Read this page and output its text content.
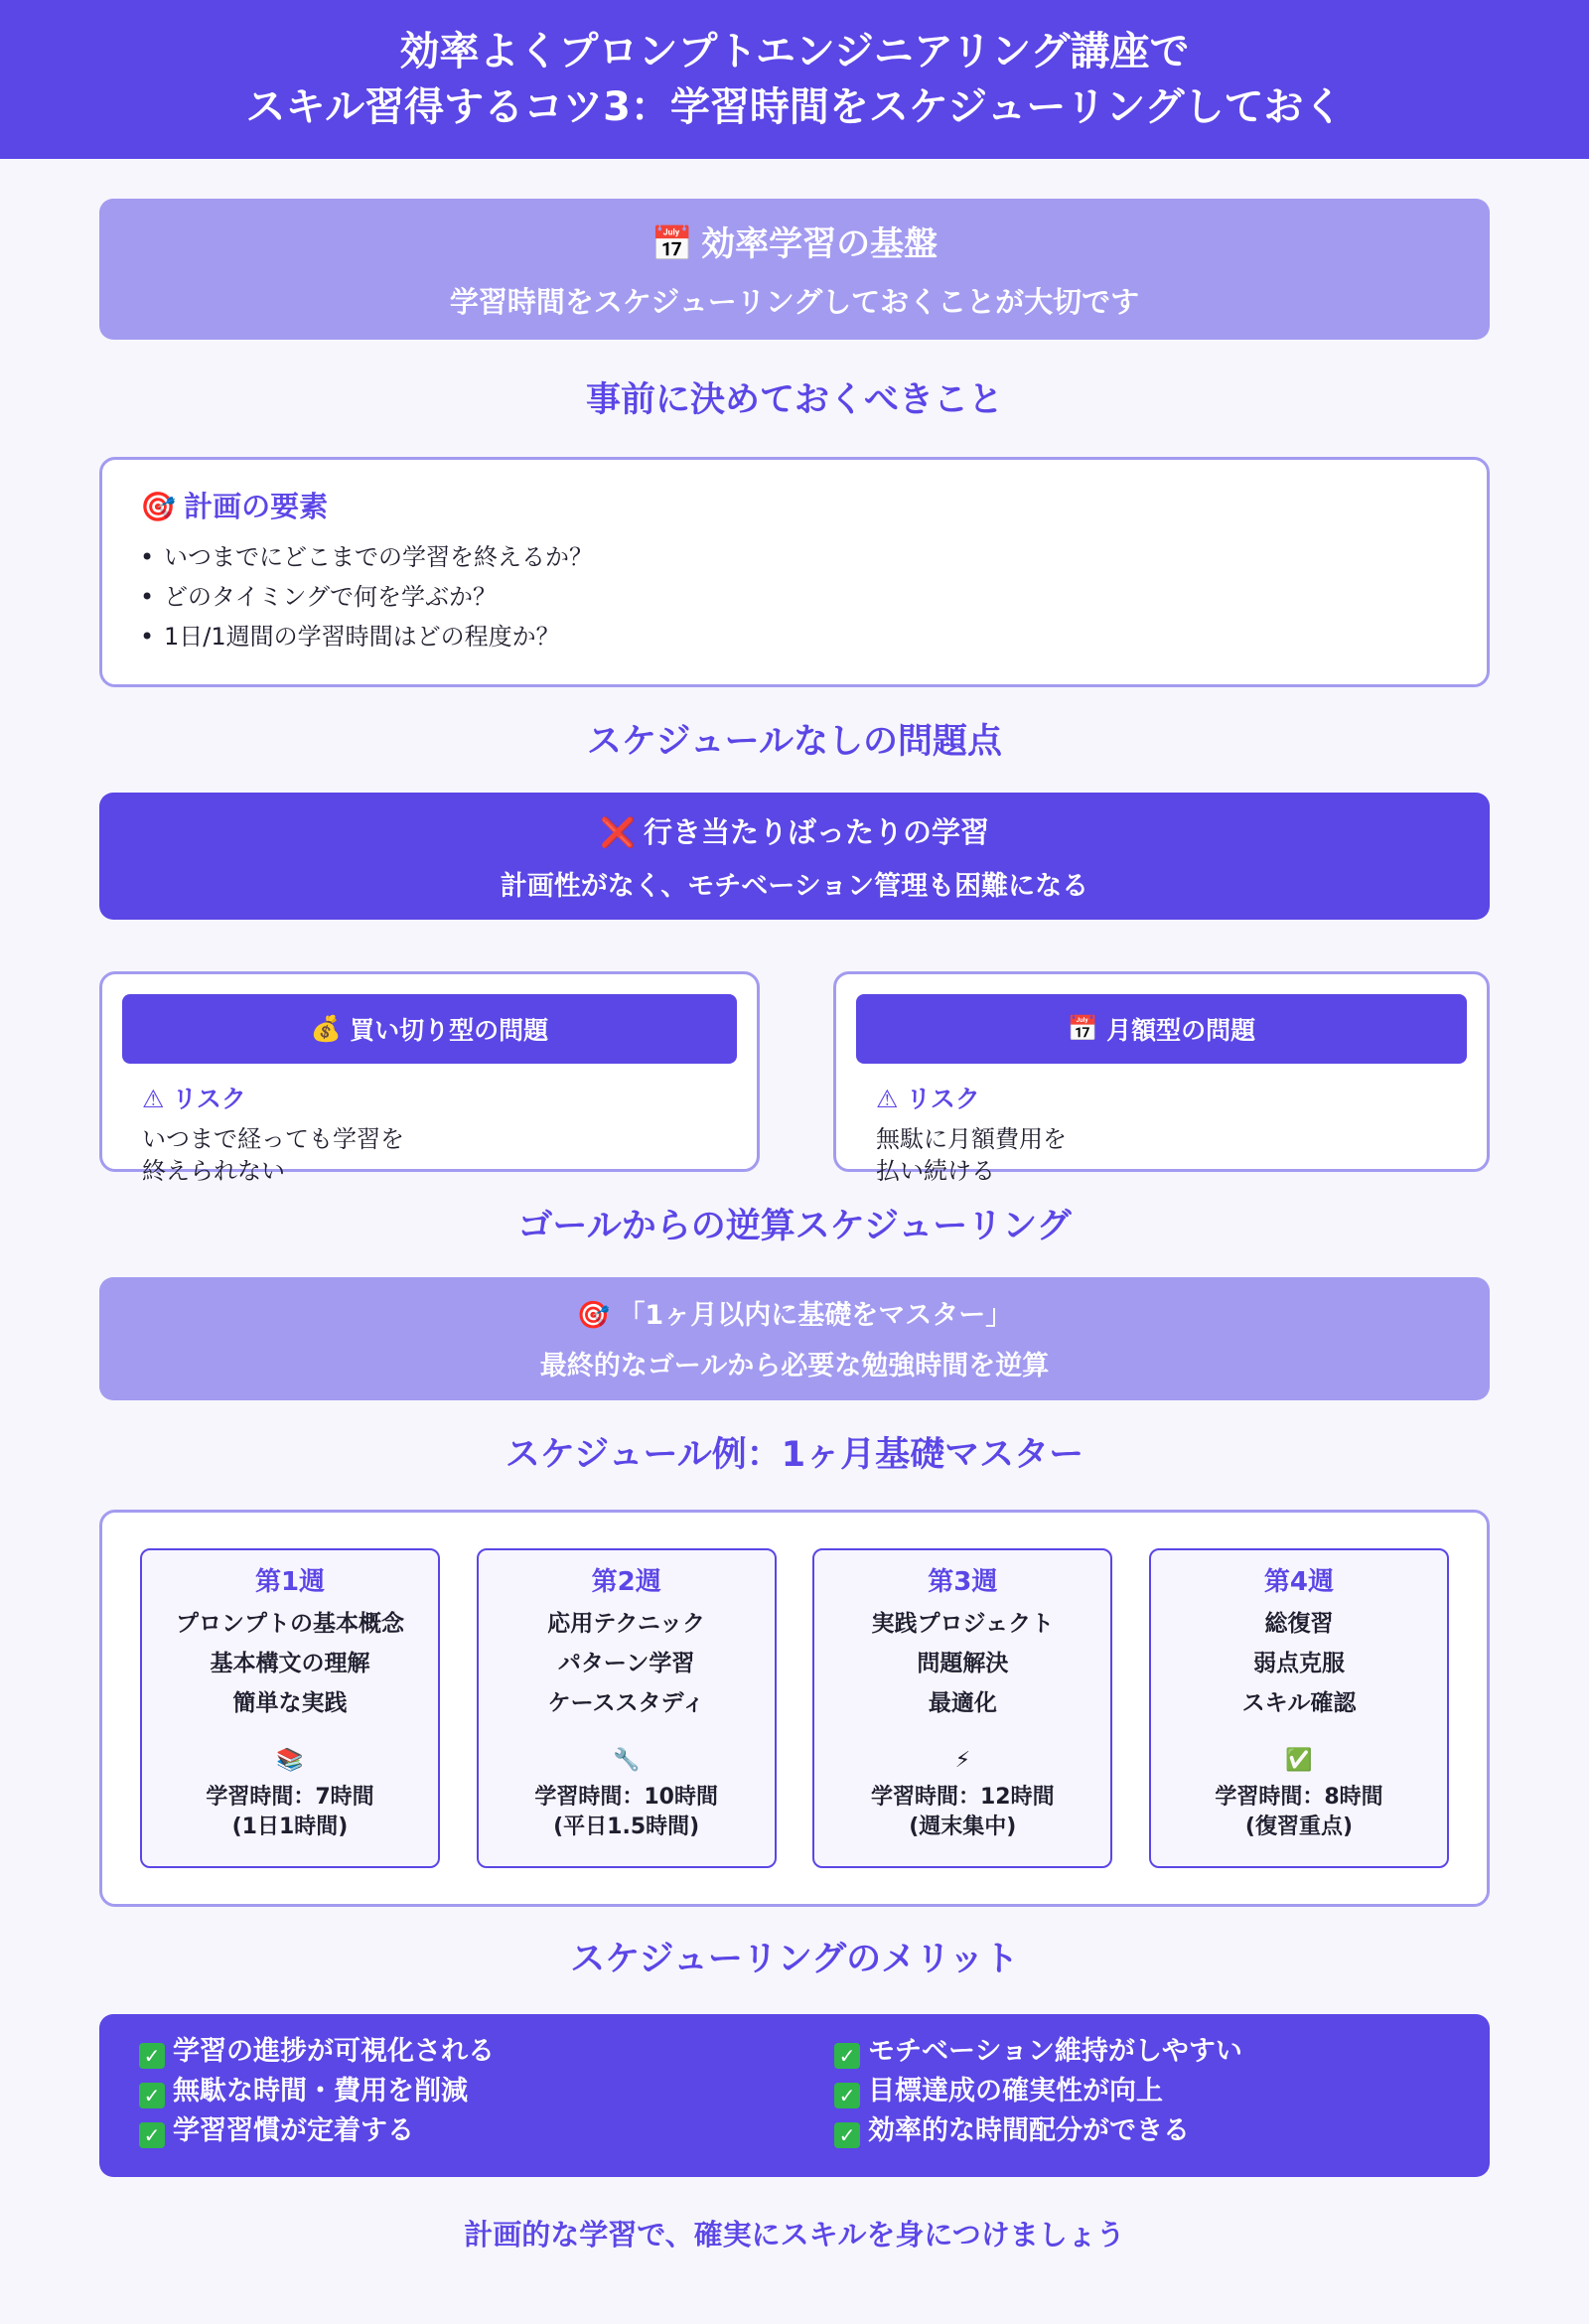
効率よくプロンプトエンジニアリング講座で
スキル習得するコツ3：学習時間をスケジューリングしておく
📅 効率学習の基盤
学習時間をスケジューリングしておくことが大切です
事前に決めておくべきこと
🎯 計画の要素
• いつまでにどこまでの学習を終えるか？
• どのタイミングで何を学ぶか？
• 1日/1週間の学習時間はどの程度か？
スケジュールなしの問題点
❌ 行き当たりばったりの学習
計画性がなく、モチベーション管理も困難になる
💰 買い切り型の問題
⚠ リスク
いつまで経っても学習を
終えられない
📅 月額型の問題
⚠ リスク
無駄に月額費用を
払い続ける
ゴールからの逆算スケジューリング
🎯 「1ヶ月以内に基礎をマスター」
最終的なゴールから必要な勉強時間を逆算
スケジュール例：1ヶ月基礎マスター
第1週
プロンプトの基本概念
基本構文の理解
簡単な実践
📚
学習時間：7時間
(1日1時間)
第2週
応用テクニック
パターン学習
ケーススタディ
🔧
学習時間：10時間
(平日1.5時間)
第3週
実践プロジェクト
問題解決
最適化
⚡
学習時間：12時間
(週末集中)
第4週
総復習
弱点克服
スキル確認
✅
学習時間：8時間
(復習重点)
スケジューリングのメリット
✓ 学習の進捗が可視化される	✓ モチベーション維持がしやすい
✓ 無駄な時間・費用を削減	✓ 目標達成の確実性が向上
✓ 学習習慣が定着する	✓ 効率的な時間配分ができる
計画的な学習で、確実にスキルを身につけましょう
